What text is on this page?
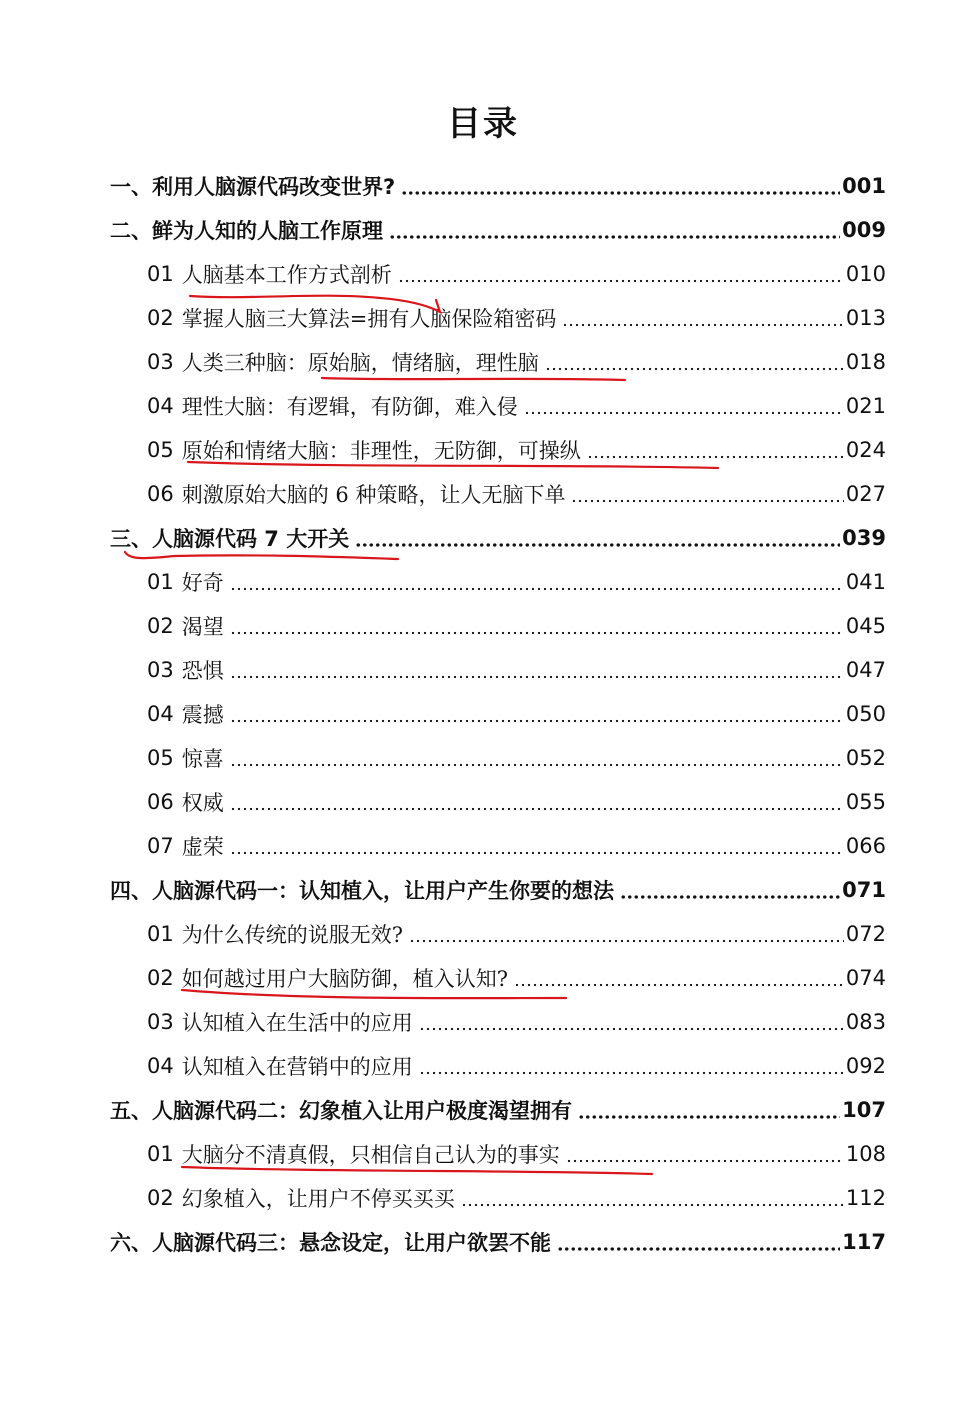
目录
一、 利用人脑源代码改变世界?	001
二、 鲜为人知的人脑工作原理	009
01 人脑基本工作方式剖析	010
02 掌握人脑三大算法=拥有人脑保险箱密码	013
03 人类三种脑：原始脑，情绪脑，理性脑	018
04 理性大脑：有逻辑，有防御，难入侵	021
05 原始和情绪大脑：非理性，无防御，可操纵	024
06 刺激原始大脑的 6 种策略，让人无脑下单	027
三、 人脑源代码 7 大开关	039
01 好奇	041
02 渴望	045
03 恐惧	047
04 震撼	050
05 惊喜	052
06 权威	055
07 虚荣	066
四、 人脑源代码一：认知植入，让用户产生你要的想法	071
01 为什么传统的说服无效?	072
02 如何越过用户大脑防御，植入认知?	074
03 认知植入在生活中的应用	083
04 认知植入在营销中的应用	092
五、 人脑源代码二：幻象植入让用户极度渴望拥有	107
01 大脑分不清真假，只相信自己认为的事实	108
02 幻象植入，让用户不停买买买	112
六、 人脑源代码三：悬念设定，让用户欲罢不能	117
